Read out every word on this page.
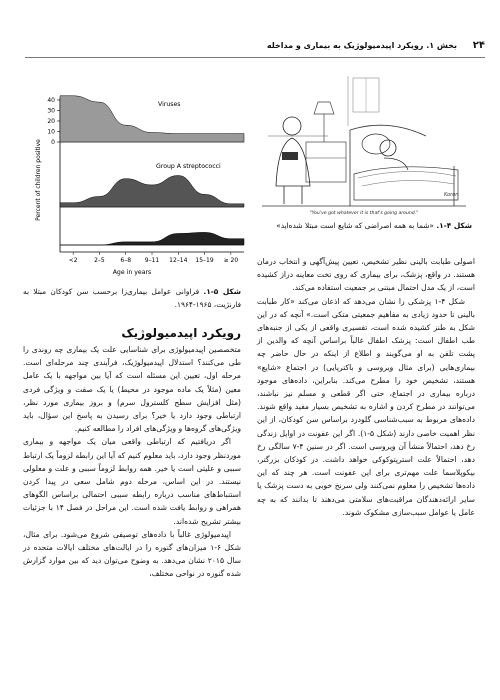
۲۴
بخش ۱. رویکرد اپیدمیولوژیک به بیماری و مداخله
Koren
"You've got whatever it is that's going around."
شکل ۴-۱. «شما به همه اصراضی که شایع است مبتلا شده‌اید»
0
10
20
30
40
Percent of children positive
Viruses
Group A streptococci
Mycoplasma pneumoniae
<2	2–5	6–8 9–11 12–14 15–19 ≥ 20
Age in years
شکل ۵-۱. فراوانی عوامل بیماری‌زا برحسب سن کودکان مبتلا به فارنژیت، ۱۹۶۵-۱۹۶۴.

اصولی طبابت بالینی نظیر تشخیص، تعیین پیش‌آگهی و انتخاب درمان هستند. در واقع، پزشک، برای بیماری که روی تخت معاینه دراز کشیده است، از یک مدل احتمال مبتنی بر جمعیت استفاده می‌کند.

شکل ۴-۱ پزشکی را نشان می‌دهد که اذعان می‌کند «کار طبابت بالینی تا حدود زیادی به مفاهیم جمعیتی متکی است.» آنچه که در این شکل به طنز کشیده شده است، تفسیری واقعی از یکی از جنبه‌های طب اطفال است: پزشک اطفال غالباً براساس آنچه که والدین از پشت تلفن به او می‌گویند و اطلاع از اینکه در حال حاضر چه بیماری‌هایی (برای مثال ویروسی و باکتریایی) در اجتماع «شایع» هستند، تشخیص خود را مطرح می‌کند. بنابراین، داده‌های موجود درباره بیماری در اجتماع، حتی اگر قطعی و مسلم نیز نباشند، می‌توانند در مطرح کردن و اشاره به تشخیص بسیار مفید واقع شوند. داده‌های مربوط به سبب‌شناسی گلودرد براساس سن کودکان، از این نظر اهمیت خاصی دارند (شکل ۵-۱). اگر این عفونت در اوایل زندگی رخ دهد، احتمالاً منشأ آن ویروسی است. اگر در سنین ۴-۷ سالگی رخ دهد، احتمالاً علت استرپتوکوکی خواهد داشت. در کودکان بزرگتر، بیکوپلاسما علت مهم‌تری برای این عفونت است. هر چند که این داده‌ها تشخیص را معلوم نمی‌کنند ولی سرنخ خوبی به دست پزشک یا سایر ارائه‌دهندگان مراقبت‌های سلامتی می‌دهند تا بدانند که به چه عامل یا عوامل سبب‌سازی مشکوک شوند.

رویکرد اپیدمیولوژیک

متخصصین اپیدمیولوژی برای شناسایی علت یک بیماری چه روندی را طی می‌کنند؟ استدلال اپیدمیولوژیک، فرآیندی چند مرحله‌ای است. مرحله اول، تعیین این مسئله است که آیا بین مواجهه با یک عامل معین (مثلاً یک ماده موجود در محیط) یا یک صفت و ویژگی فردی (مثل افزایش سطح کلسترول سرم) و بروز بیماری مورد نظر، ارتباطی وجود دارد یا خیر؟ برای رسیدن به پاسخ این سؤال، باید ویژگی‌های گروه‌ها و ویژگی‌های افراد را مطالعه کنیم.

اگر دریافتیم که ارتباطی واقعی میان یک مواجهه و بیماری موردنظر وجود دارد، باید معلوم کنیم که آیا این رابطه لزوماً یک ارتباط سببی و علیتی است یا خیر. همه روابط لزوماً سببی و علت و معلولی نیستند. در این اساس، مرحله دوم شامل سعی در پیدا کردن استنباط‌های مناسب درباره رابطه سببی احتمالی براساس الگوهای همراهی و روابط یافت شده است. این مراحل در فصل ۱۴ با جزئیات بیشتر تشریح شده‌اند.

اپیدمیولوژی غالباً با داده‌های توصیفی شروع می‌شود. برای مثال، شکل ۶-۱ میزان‌های گنوره را در ایالت‌های مختلف ایالات متحده در سال ۲۰۱۵ نشان می‌دهد. به وضوح می‌توان دید که بین موارد گزارش شده گنوره در نواحی مختلف،
